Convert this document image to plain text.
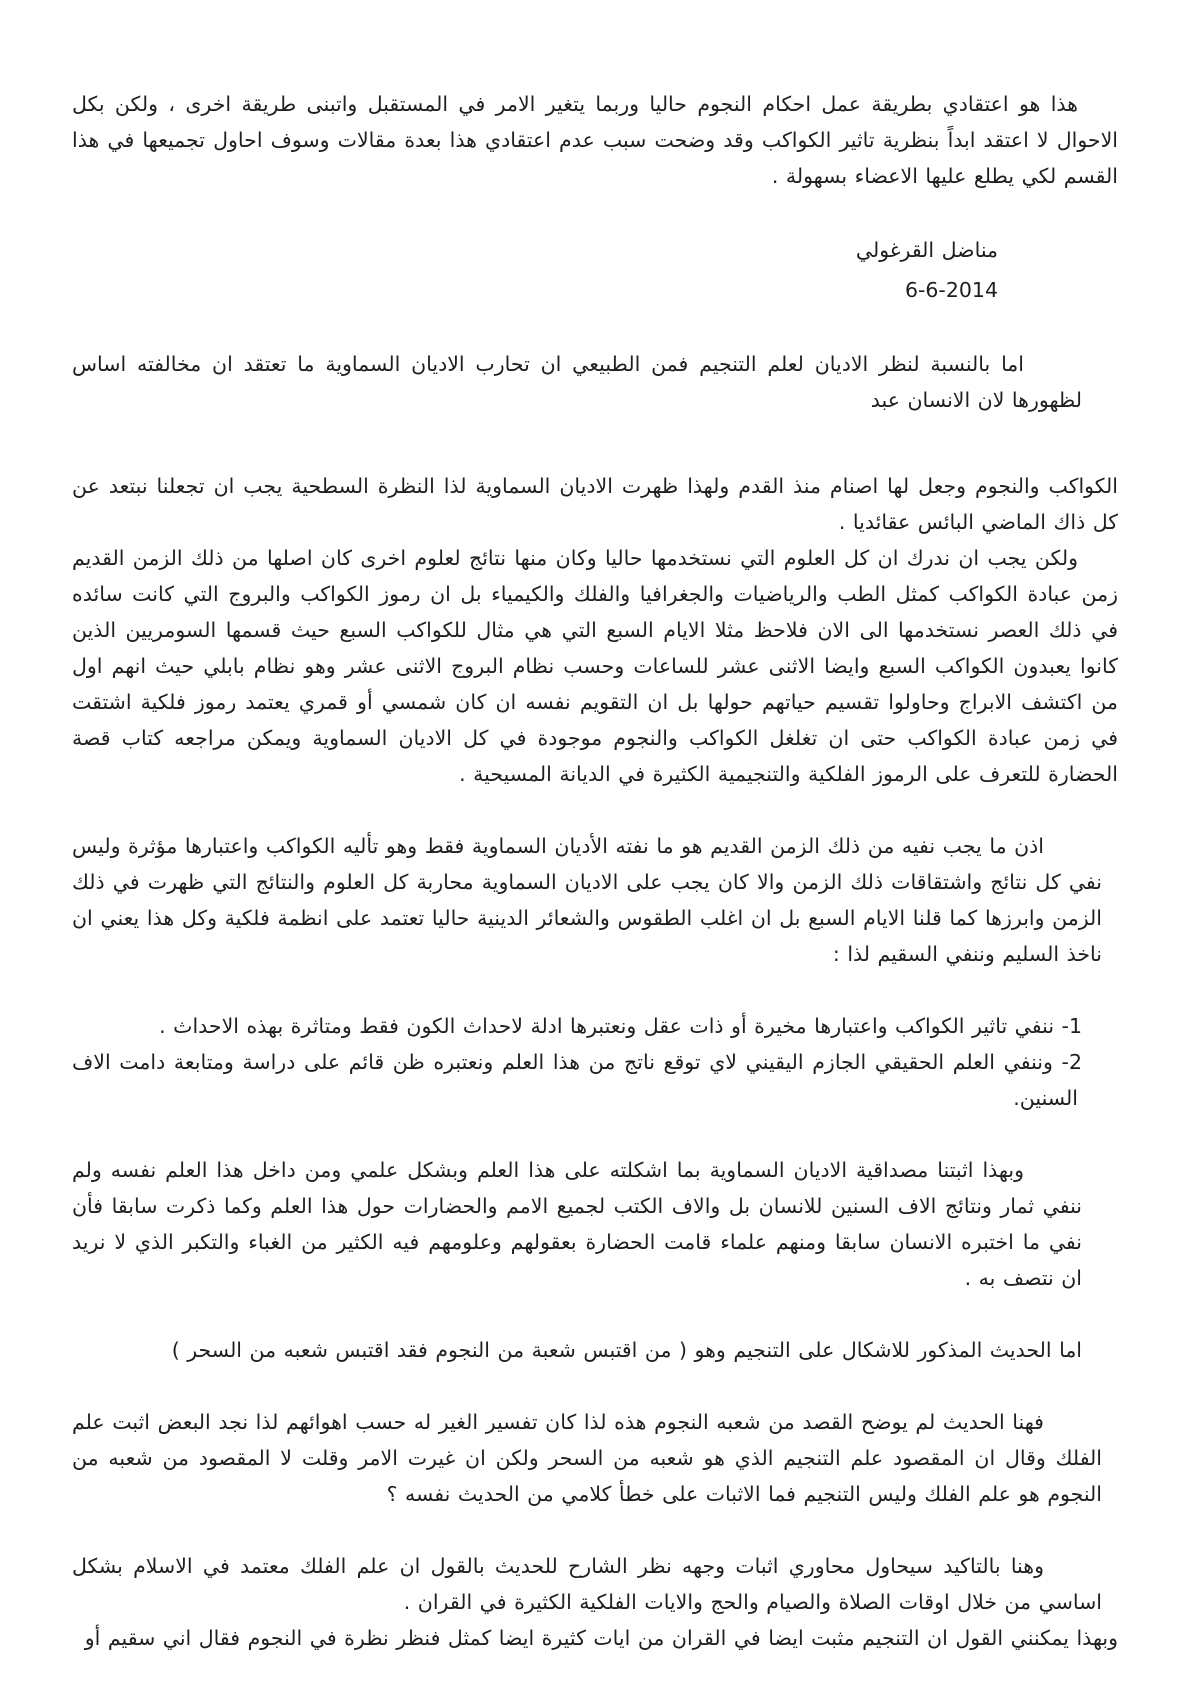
هذا هو اعتقادي بطريقة عمل احكام النجوم حاليا وربما يتغير الامر في المستقبل واتبنى طريقة اخرى ، ولكن بكل الاحوال لا اعتقد ابداً بنظرية تاثير الكواكب وقد وضحت سبب عدم اعتقادي هذا بعدة مقالات وسوف احاول تجميعها في هذا القسم لكي يطلع عليها الاعضاء بسهولة .

مناضل القرغولي
6-6-2014

اما بالنسبة لنظر الاديان لعلم التنجيم فمن الطبيعي ان تحارب الاديان السماوية ما تعتقد ان مخالفته اساس لظهورها لان الانسان عبد

الكواكب والنجوم وجعل لها اصنام منذ القدم ولهذا ظهرت الاديان السماوية لذا النظرة السطحية يجب ان تجعلنا نبتعد عن كل ذاك الماضي البائس عقائديا .

ولكن يجب ان ندرك ان كل العلوم التي نستخدمها حاليا وكان منها نتائج لعلوم اخرى كان اصلها من ذلك الزمن القديم زمن عبادة الكواكب كمثل الطب والرياضيات والجغرافيا والفلك والكيمياء بل ان رموز الكواكب والبروج التي كانت سائده في ذلك العصر نستخدمها الى الان فلاحظ مثلا الايام السبع التي هي مثال للكواكب السبع حيث قسمها السومريين الذين كانوا يعبدون الكواكب السبع وايضا الاثنى عشر للساعات وحسب نظام البروج الاثنى عشر وهو نظام بابلي حيث انهم اول من اكتشف الابراج وحاولوا تقسيم حياتهم حولها بل ان التقويم نفسه ان كان شمسي أو قمري يعتمد رموز فلكية اشتقت في زمن عبادة الكواكب حتى ان تغلغل الكواكب والنجوم موجودة في كل الاديان السماوية ويمكن مراجعه كتاب قصة الحضارة للتعرف على الرموز الفلكية والتنجيمية الكثيرة في الديانة المسيحية .

اذن ما يجب نفيه من ذلك الزمن القديم هو ما نفته الأديان السماوية فقط وهو تأليه الكواكب واعتبارها مؤثرة وليس نفي كل نتائج واشتقاقات ذلك الزمن والا كان يجب على الاديان السماوية محاربة كل العلوم والنتائج التي ظهرت في ذلك الزمن وابرزها كما قلنا الايام السبع بل ان اغلب الطقوس والشعائر الدينية حاليا تعتمد على انظمة فلكية وكل هذا يعني ان ناخذ السليم وننفي السقيم لذا :

1- ننفي تاثير الكواكب واعتبارها مخيرة أو ذات عقل ونعتبرها ادلة لاحداث الكون فقط ومتاثرة بهذه الاحداث .

2- وننفي العلم الحقيقي الجازم اليقيني لاي توقع ناتج من هذا العلم ونعتبره ظن قائم على دراسة ومتابعة دامت الاف السنين.

وبهذا اثبتنا مصداقية الاديان السماوية بما اشكلته على هذا العلم وبشكل علمي ومن داخل هذا العلم نفسه ولم ننفي ثمار ونتائج الاف السنين للانسان بل والاف الكتب لجميع الامم والحضارات حول هذا العلم وكما ذكرت سابقا فأن نفي ما اختبره الانسان سابقا ومنهم علماء قامت الحضارة بعقولهم وعلومهم فيه الكثير من الغباء والتكبر الذي لا نريد ان نتصف به .

اما الحديث المذكور للاشكال على التنجيم وهو ( من اقتبس شعبة من النجوم فقد اقتبس شعبه من السحر )

فهنا الحديث لم يوضح القصد من شعبه النجوم هذه لذا كان تفسير الغير له حسب اهوائهم لذا نجد البعض اثبت علم الفلك وقال ان المقصود علم التنجيم الذي هو شعبه من السحر ولكن ان غيرت الامر وقلت لا المقصود من شعبه من النجوم هو علم الفلك وليس التنجيم فما الاثبات على خطأ كلامي من الحديث نفسه ؟

وهنا بالتاكيد سيحاول محاوري اثبات وجهه نظر الشارح للحديث بالقول ان علم الفلك معتمد في الاسلام بشكل اساسي من خلال اوقات الصلاة والصيام والحج والايات الفلكية الكثيرة في القران .

وبهذا يمكنني القول ان التنجيم مثبت ايضا في القران من ايات كثيرة ايضا كمثل فنظر نظرة في النجوم فقال اني سقيم أو
